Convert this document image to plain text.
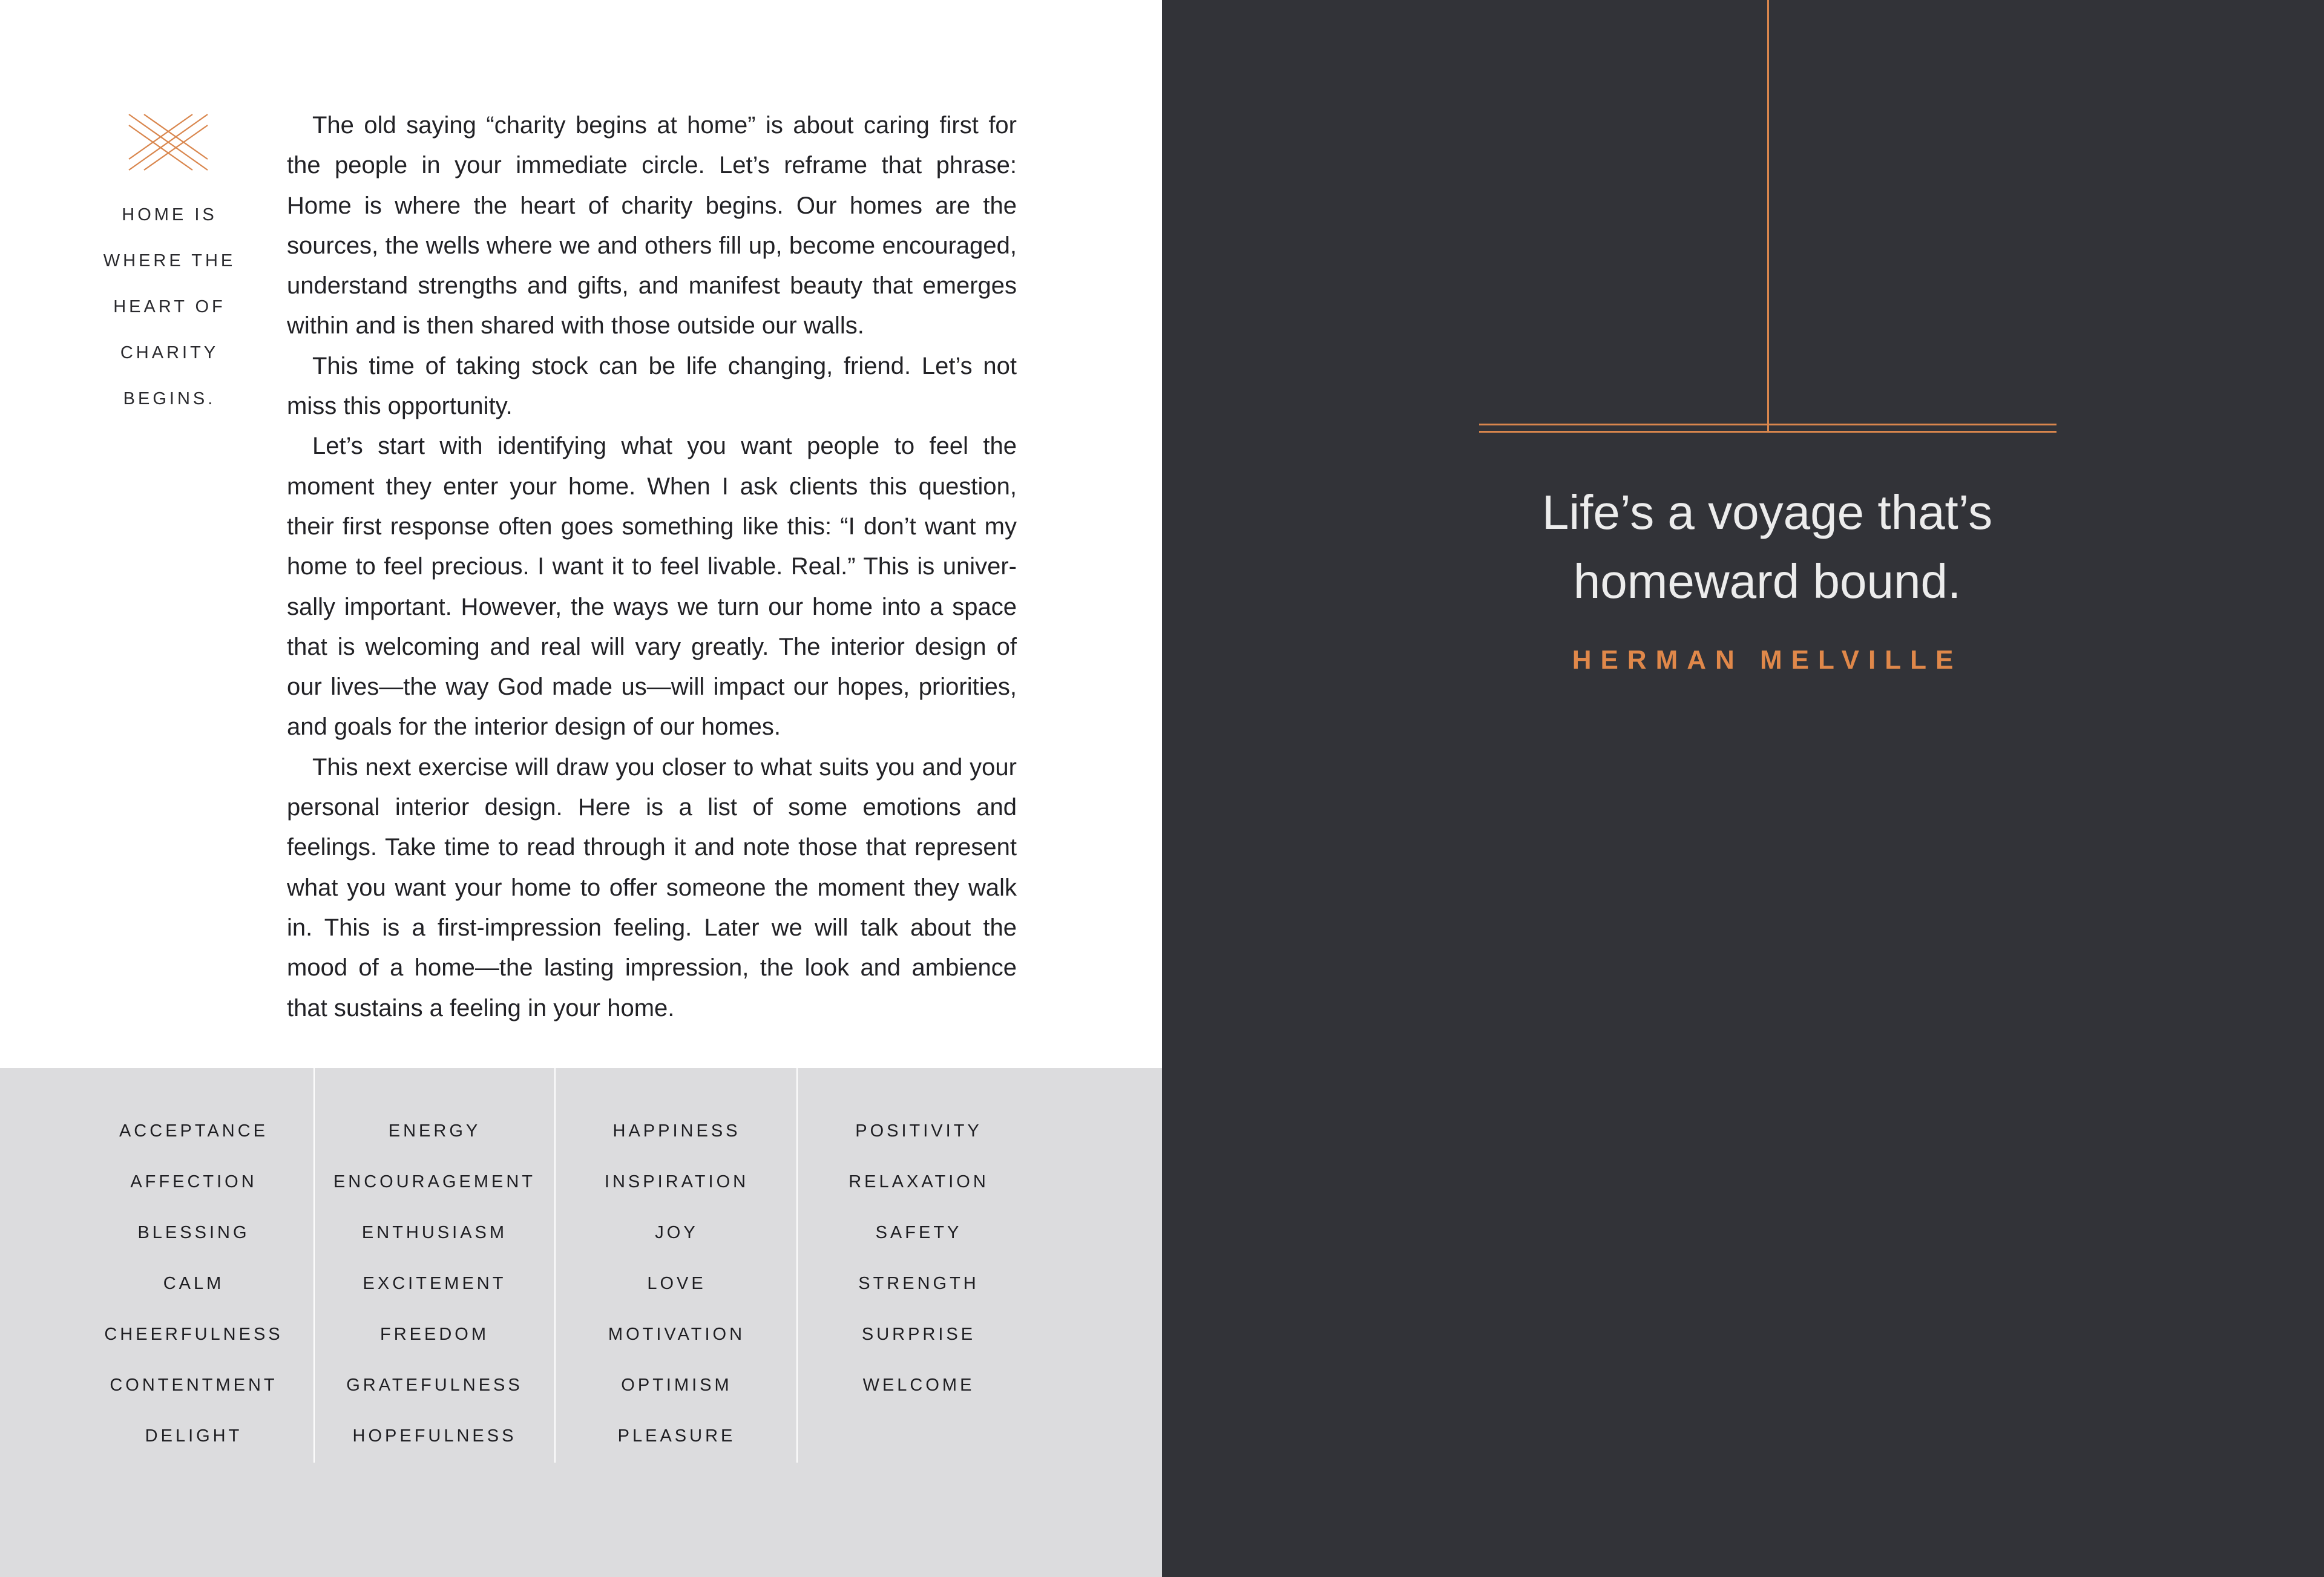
HOME IS
WHERE THE
HEART OF
CHARITY
BEGINS.

The old saying “charity begins at home” is about caring first for the people in your immediate circle. Let’s reframe that phrase: Home is where the heart of charity begins. Our homes are the sources, the wells where we and others fill up, become encouraged, understand strengths and gifts, and manifest beauty that emerges within and is then shared with those outside our walls.

This time of taking stock can be life changing, friend. Let’s not miss this opportunity.

Let’s start with identifying what you want people to feel the moment they enter your home. When I ask clients this question, their first response often goes something like this: “I don’t want my home to feel precious. I want it to feel livable. Real.” This is universally important. However, the ways we turn our home into a space that is welcoming and real will vary greatly. The interior design of our lives—the way God made us—will impact our hopes, priorities, and goals for the interior design of our homes.

This next exercise will draw you closer to what suits you and your personal interior design. Here is a list of some emotions and feelings. Take time to read through it and note those that represent what you want your home to offer someone the moment they walk in. This is a first-impression feeling. Later we will talk about the mood of a home—the lasting impression, the look and ambience that sustains a feeling in your home.

ACCEPTANCE
AFFECTION
BLESSING
CALM
CHEERFULNESS
CONTENTMENT
DELIGHT
ENERGY
ENCOURAGEMENT
ENTHUSIASM
EXCITEMENT
FREEDOM
GRATEFULNESS
HOPEFULNESS
HAPPINESS
INSPIRATION
JOY
LOVE
MOTIVATION
OPTIMISM
PLEASURE
POSITIVITY
RELAXATION
SAFETY
STRENGTH
SURPRISE
WELCOME
Life’s a voyage that’s
homeward bound.
HERMAN MELVILLE
